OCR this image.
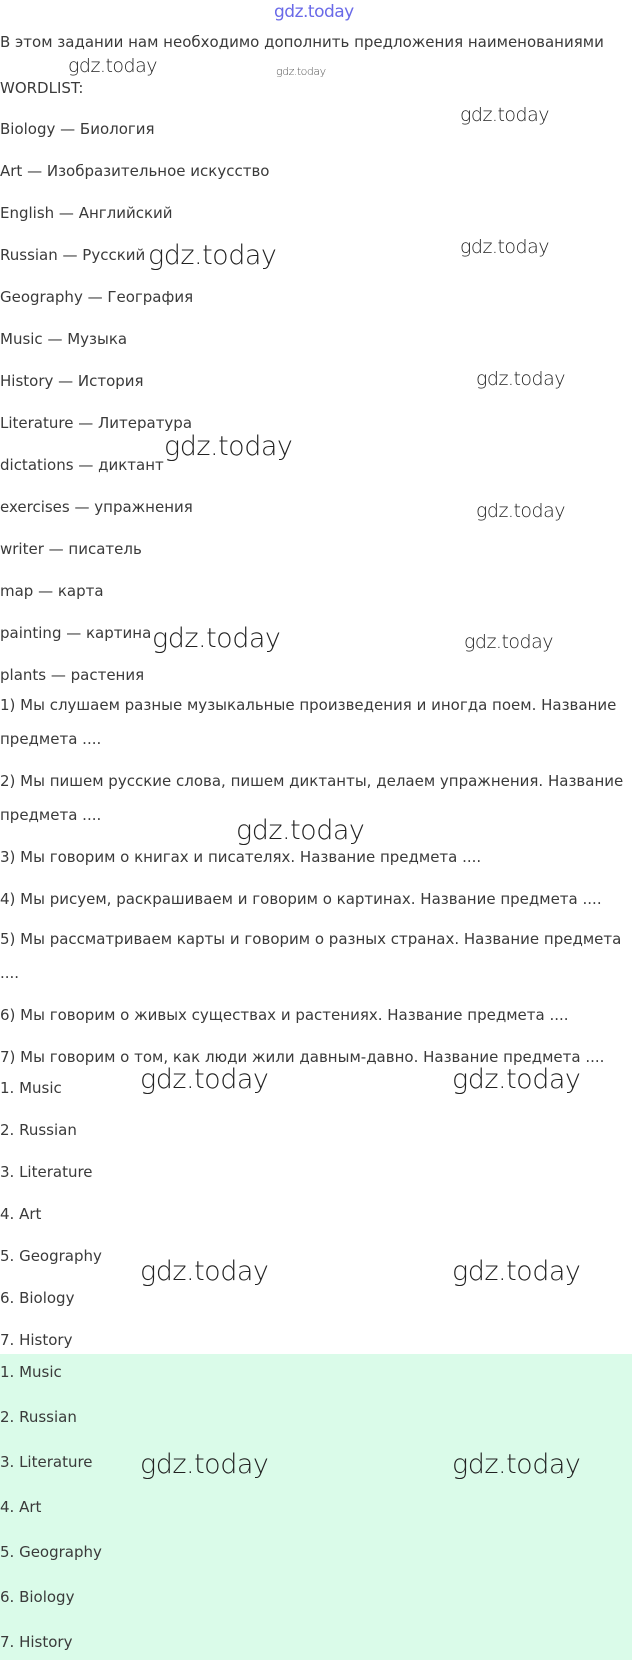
gdz.today
В этом задании нам необходимо дополнить предложения наименованиями
WORDLIST:
Biology — Биология
Art — Изобразительное искусство
English — Английский
Russian — Русский
Geography — География
Music — Музыка
History — История
Literature — Литература
dictations — диктант
exercises — упражнения
writer — писатель
map — карта
painting — картина
plants — растения
1) Мы слушаем разные музыкальные произведения и иногда поем. Название предмета ....
2) Мы пишем русские слова, пишем диктанты, делаем упражнения. Название предмета ....
3) Мы говорим о книгах и писателях. Название предмета ....
4) Мы рисуем, раскрашиваем и говорим о картинах. Название предмета ....
5) Мы рассматриваем карты и говорим о разных странах. Название предмета ....
6) Мы говорим о живых существах и растениях. Название предмета ....
7) Мы говорим о том, как люди жили давным-давно. Название предмета ....
1. Music
2. Russian
3. Literature
4. Art
5. Geography
6. Biology
7. History
1. Music
2. Russian
3. Literature
4. Art
5. Geography
6. Biology
7. History
gdz.today	gdz.today
gdz.today
gdz.today	gdz.today
gdz.today
gdz.today
gdz.today
gdz.today	gdz.today
gdz.today
gdz.today	gdz.today
gdz.today	gdz.today
gdz.today	gdz.today
